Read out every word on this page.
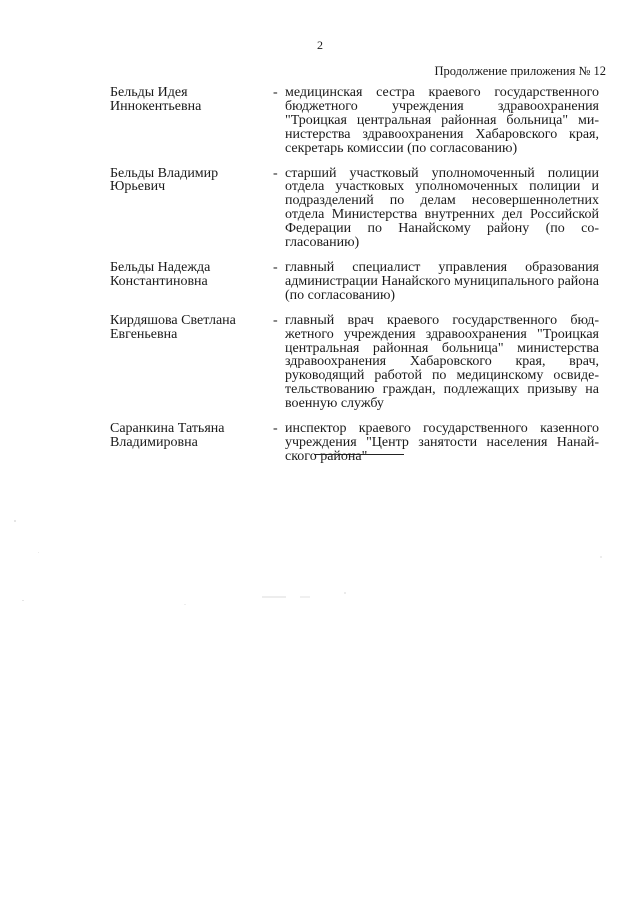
2
Продолжение приложения № 12
Бельды Идея
Иннокентьевна
- медицинская сестра краевого государственного бюджетного учреждения здравоохранения "Троицкая центральная районная больница" министерства здравоохранения Хабаровского края, секретарь комиссии (по согласованию)
Бельды Владимир
Юрьевич
- старший участковый уполномоченный полиции отдела участковых уполномоченных полиции и подразделений по делам несовершеннолетних отдела Министерства внутренних дел Российской Федерации по Нанайскому району (по согласованию)
Бельды Надежда
Константиновна
- главный специалист управления образования администрации Нанайского муниципального района (по согласованию)
Кирдяшова Светлана
Евгеньевна
- главный врач краевого государственного бюджетного учреждения здравоохранения "Троицкая центральная районная больница" министерства здравоохранения Хабаровского края, врач, руководящий работой по медицинскому освидетельствованию граждан, подлежащих призыву на военную службу
Саранкина Татьяна
Владимировна
- инспектор краевого государственного казенного учреждения "Центр занятости населения Нанайского района"
